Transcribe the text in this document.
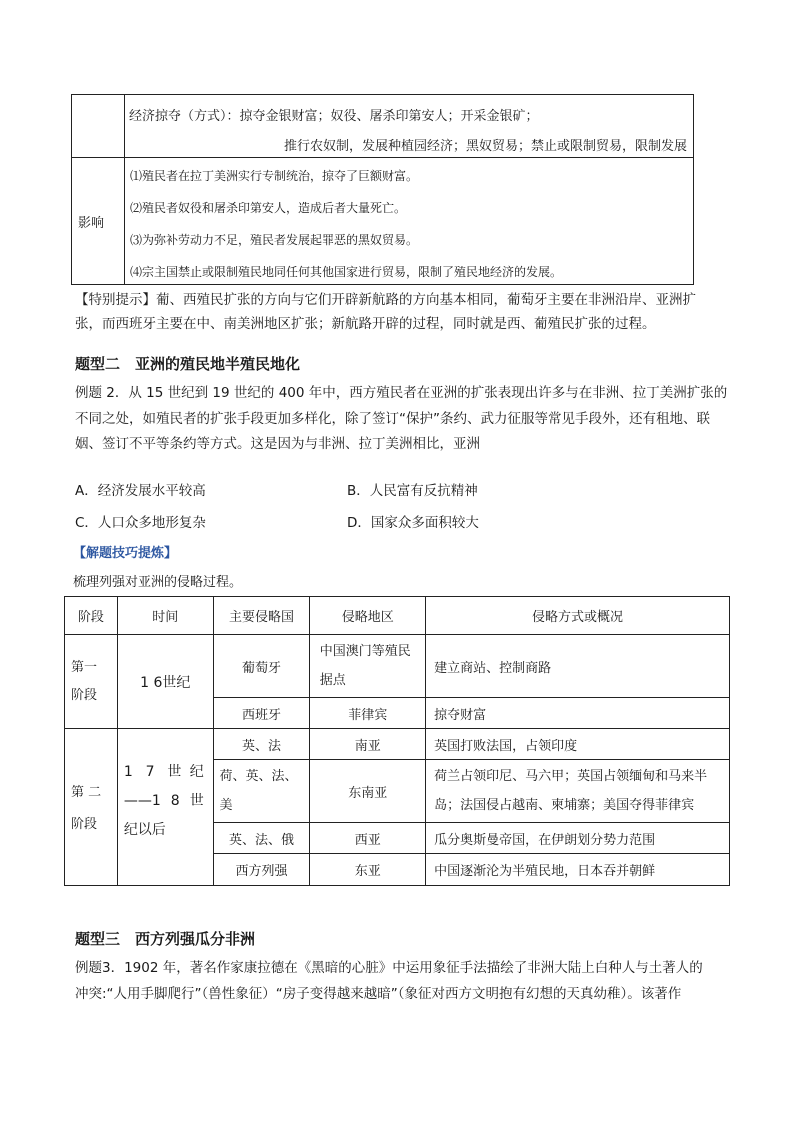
	经济掠夺（方式）：掠夺金银财富；奴役、屠杀印第安人；开采金银矿；
推行农奴制，发展种植园经济；黑奴贸易；禁止或限制贸易，限制发展

影响	⑴殖民者在拉丁美洲实行专制统治，掠夺了巨额财富。
⑵殖民者奴役和屠杀印第安人，造成后者大量死亡。
⑶为弥补劳动力不足，殖民者发展起罪恶的黑奴贸易。
⑷宗主国禁止或限制殖民地同任何其他国家进行贸易，限制了殖民地经济的发展。
【特别提示】葡、西殖民扩张的方向与它们开辟新航路的方向基本相同，葡萄牙主要在非洲沿岸、亚洲扩
张，而西班牙主要在中、南美洲地区扩张；新航路开辟的过程，同时就是西、葡殖民扩张的过程。
题型二　亚洲的殖民地半殖民地化
例题 2．从 15 世纪到 19 世纪的 400 年中，西方殖民者在亚洲的扩张表现出许多与在非洲、拉丁美洲扩张的
不同之处，如殖民者的扩张手段更加多样化，除了签订“保护”条约、武力征服等常见手段外，还有租地、联
姻、签订不平等条约等方式。这是因为与非洲、拉丁美洲相比，亚洲
A．经济发展水平较高	B．人民富有反抗精神
C．人口众多地形复杂	D．国家众多面积较大
【解题技巧提炼】
梳理列强对亚洲的侵略过程。
阶段	时间	主要侵略国	侵略地区	侵略方式或概况

第一阶段	1 6世纪	葡萄牙	中国澳门等殖民据点	建立商站、控制商路
		西班牙	菲律宾	掠夺财富

第 二阶段	1 7 世纪——1 8 世纪以后	英、法	南亚	英国打败法国，占领印度

		荷、英、法、美	东南亚	荷兰占领印尼、马六甲；英国占领缅甸和马来半岛；法国侵占越南、柬埔寨；美国夺得菲律宾

		英、法、俄	西亚	瓜分奥斯曼帝国，在伊朗划分势力范围
		西方列强	东亚	中国逐渐沦为半殖民地，日本吞并朝鲜
题型三　西方列强瓜分非洲
例题3．1902 年，著名作家康拉德在《黑暗的心脏》中运用象征手法描绘了非洲大陆上白种人与土著人的
冲突:“人用手脚爬行”（兽性象征）“房子变得越来越暗”（象征对西方文明抱有幻想的天真幼稚）。该著作
